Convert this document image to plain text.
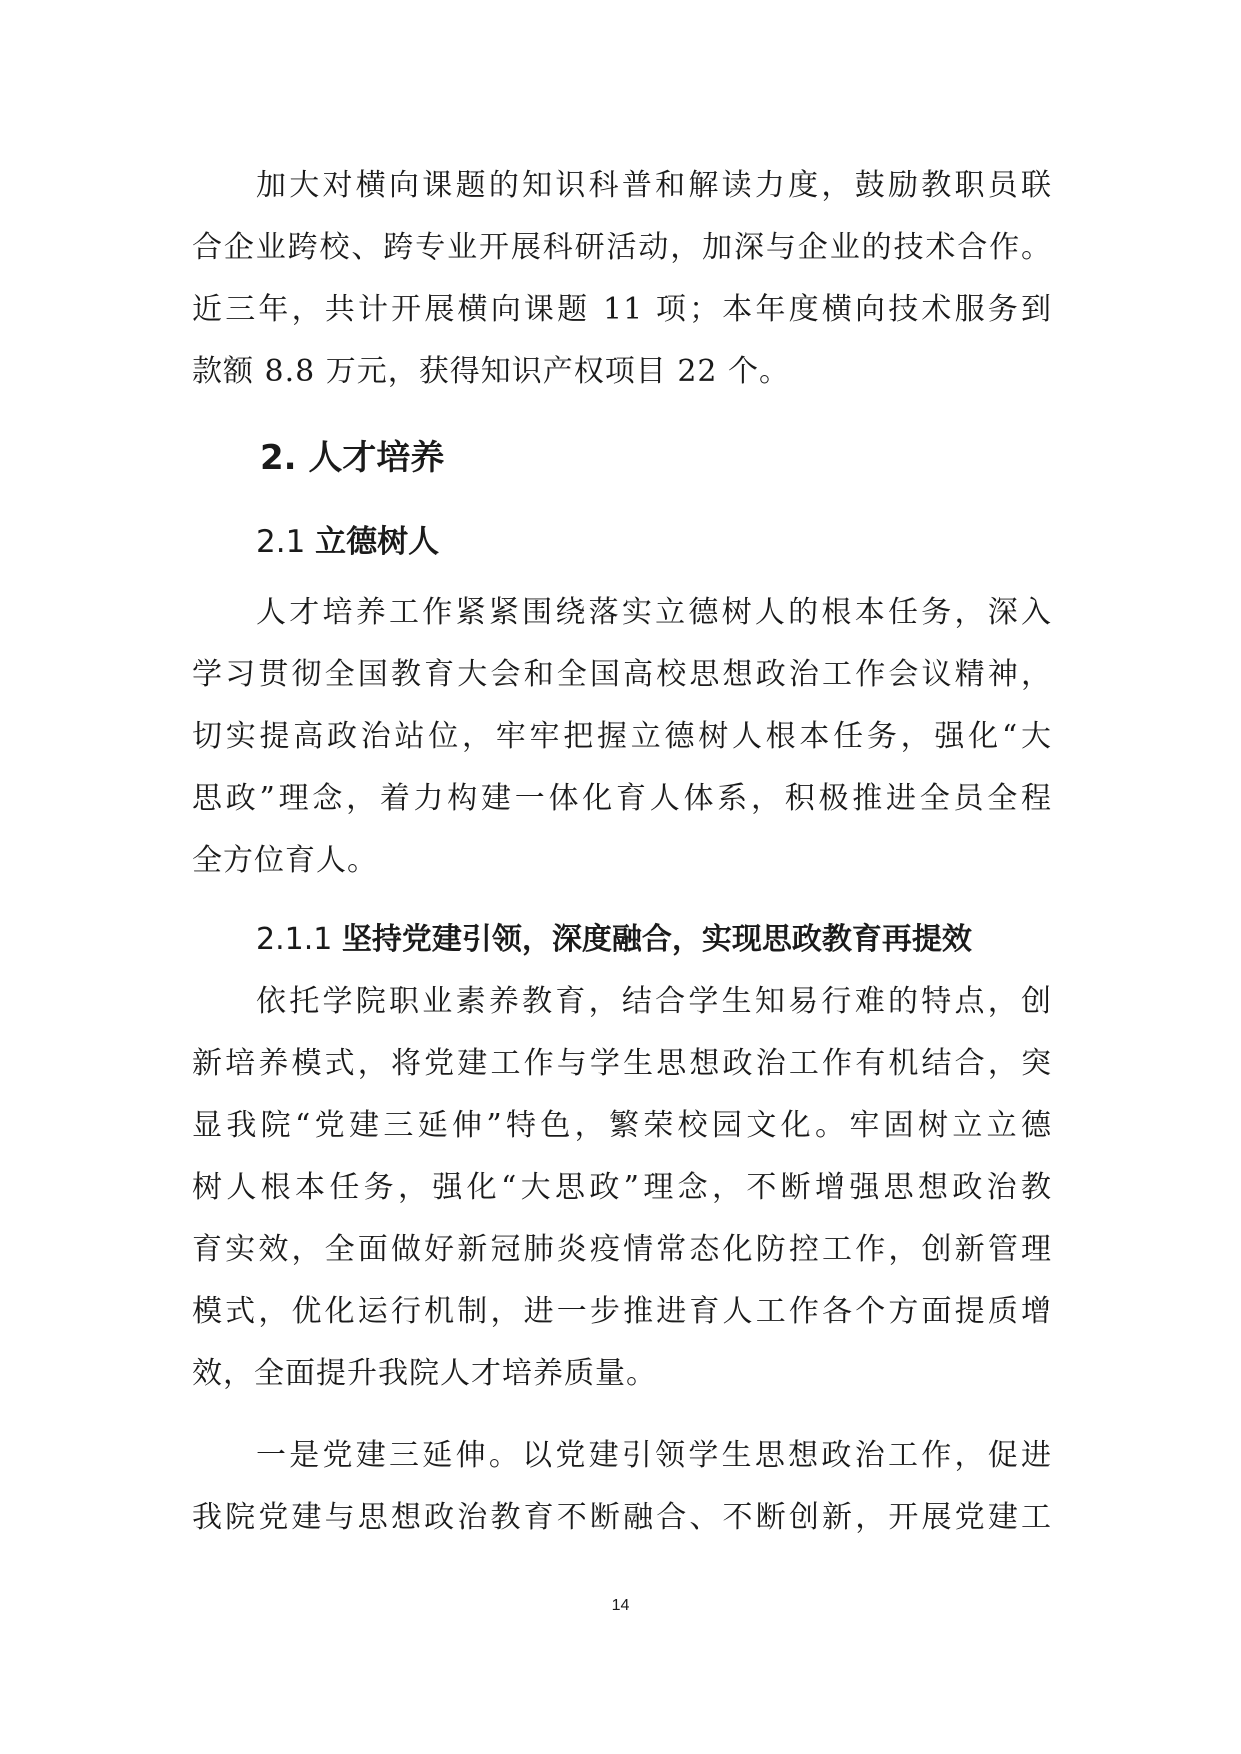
加大对横向课题的知识科普和解读力度，鼓励教职员联
合企业跨校、跨专业开展科研活动，加深与企业的技术合作。
近三年，共计开展横向课题 11 项；本年度横向技术服务到
款额 8.8 万元，获得知识产权项目 22 个。
2. 人才培养
2.1 立德树人
人才培养工作紧紧围绕落实立德树人的根本任务，深入
学习贯彻全国教育大会和全国高校思想政治工作会议精神，
切实提高政治站位，牢牢把握立德树人根本任务，强化“大
思政”理念，着力构建一体化育人体系，积极推进全员全程
全方位育人。
2.1.1 坚持党建引领，深度融合，实现思政教育再提效
依托学院职业素养教育，结合学生知易行难的特点，创
新培养模式，将党建工作与学生思想政治工作有机结合，突
显我院“党建三延伸”特色，繁荣校园文化。牢固树立立德
树人根本任务，强化“大思政”理念，不断增强思想政治教
育实效，全面做好新冠肺炎疫情常态化防控工作，创新管理
模式，优化运行机制，进一步推进育人工作各个方面提质增
效，全面提升我院人才培养质量。
一是党建三延伸。以党建引领学生思想政治工作，促进
我院党建与思想政治教育不断融合、不断创新，开展党建工
14
